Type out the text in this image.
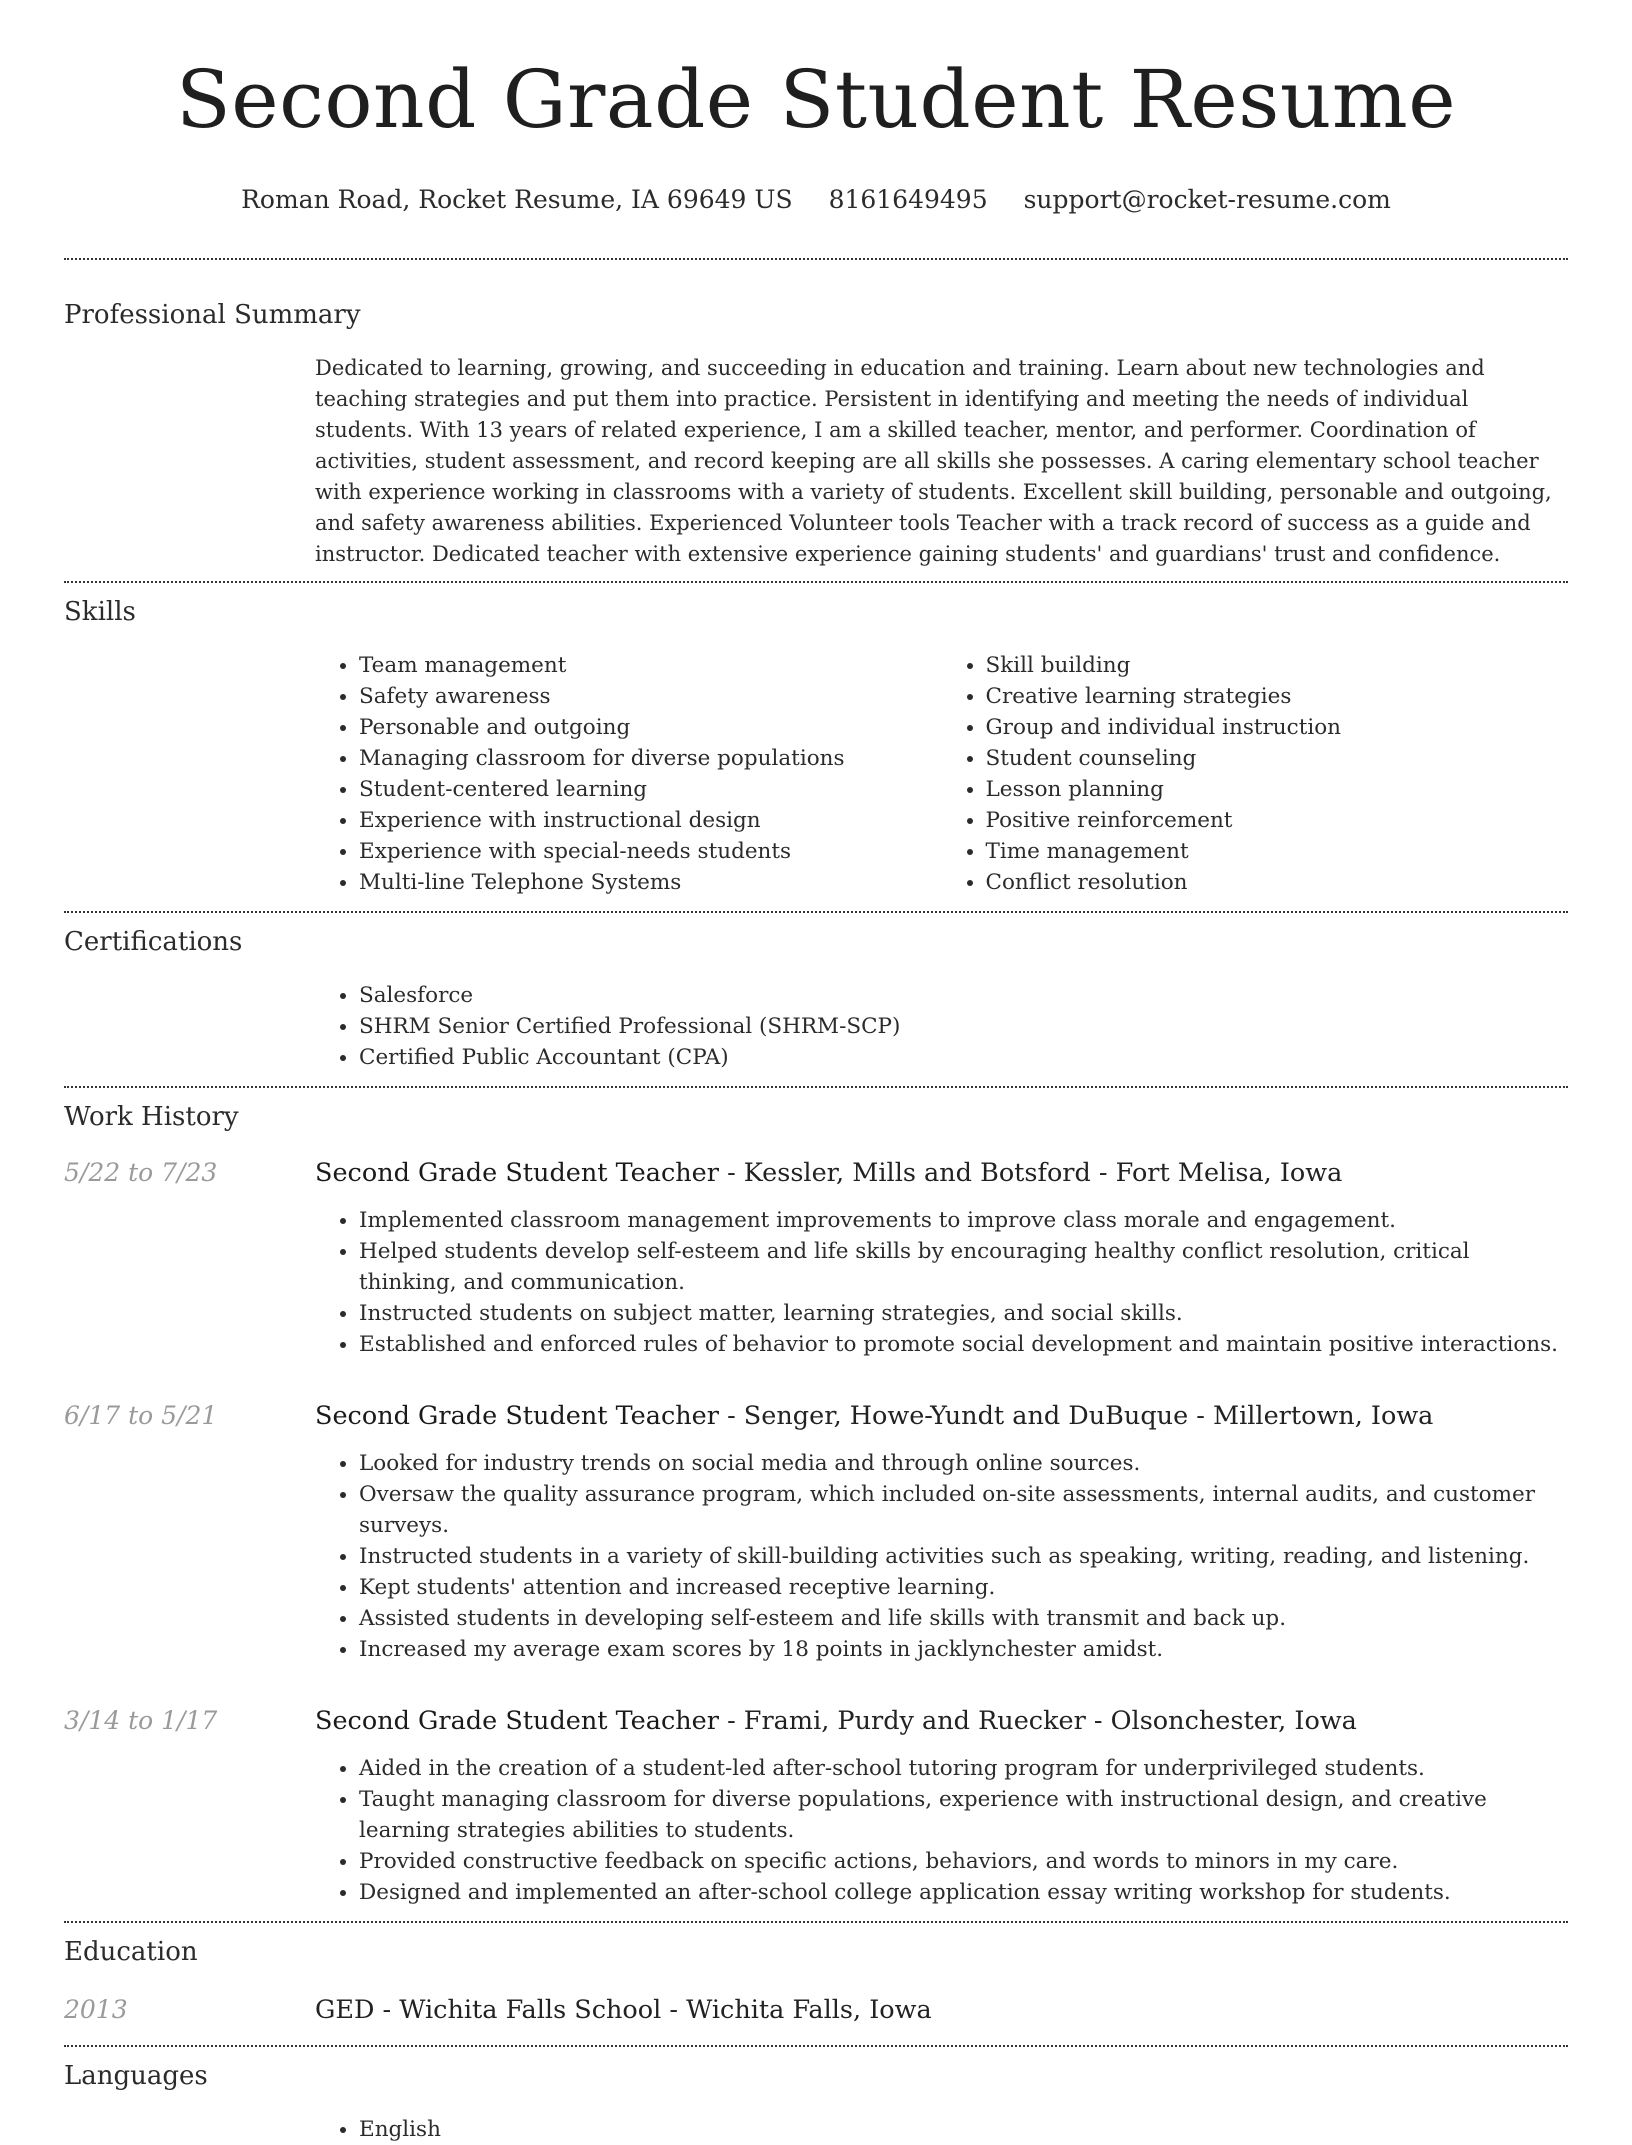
Second Grade Student Resume
Roman Road, Rocket Resume, IA 69649 US 8161649495 support@rocket-resume.com
Professional Summary

Dedicated to learning, growing, and succeeding in education and training. Learn about new technologies and teaching strategies and put them into practice. Persistent in identifying and meeting the needs of individual students. With 13 years of related experience, I am a skilled teacher, mentor, and performer. Coordination of activities, student assessment, and record keeping are all skills she possesses. A caring elementary school teacher with experience working in classrooms with a variety of students. Excellent skill building, personable and outgoing, and safety awareness abilities. Experienced Volunteer tools Teacher with a track record of success as a guide and instructor. Dedicated teacher with extensive experience gaining students' and guardians' trust and confidence.

Skills
• Team management
• Safety awareness
• Personable and outgoing
• Managing classroom for diverse populations
• Student-centered learning
• Experience with instructional design
• Experience with special-needs students
• Multi-line Telephone Systems
• Skill building
• Creative learning strategies
• Group and individual instruction
• Student counseling
• Lesson planning
• Positive reinforcement
• Time management
• Conflict resolution
Certifications
• Salesforce
• SHRM Senior Certified Professional (SHRM-SCP)
• Certified Public Accountant (CPA)
Work History
5/22 to 7/23	Second Grade Student Teacher - Kessler, Mills and Botsford - Fort Melisa, Iowa
• Implemented classroom management improvements to improve class morale and engagement.
• Helped students develop self-esteem and life skills by encouraging healthy conflict resolution, critical thinking, and communication.
• Instructed students on subject matter, learning strategies, and social skills.
• Established and enforced rules of behavior to promote social development and maintain positive interactions.
6/17 to 5/21	Second Grade Student Teacher - Senger, Howe-Yundt and DuBuque - Millertown, Iowa
• Looked for industry trends on social media and through online sources.
• Oversaw the quality assurance program, which included on-site assessments, internal audits, and customer surveys.
• Instructed students in a variety of skill-building activities such as speaking, writing, reading, and listening.
• Kept students' attention and increased receptive learning.
• Assisted students in developing self-esteem and life skills with transmit and back up.
• Increased my average exam scores by 18 points in jacklynchester amidst.
3/14 to 1/17	Second Grade Student Teacher - Frami, Purdy and Ruecker - Olsonchester, Iowa
• Aided in the creation of a student-led after-school tutoring program for underprivileged students.
• Taught managing classroom for diverse populations, experience with instructional design, and creative learning strategies abilities to students.
• Provided constructive feedback on specific actions, behaviors, and words to minors in my care.
• Designed and implemented an after-school college application essay writing workshop for students.
Education
2013	GED - Wichita Falls School - Wichita Falls, Iowa
Languages
• English
